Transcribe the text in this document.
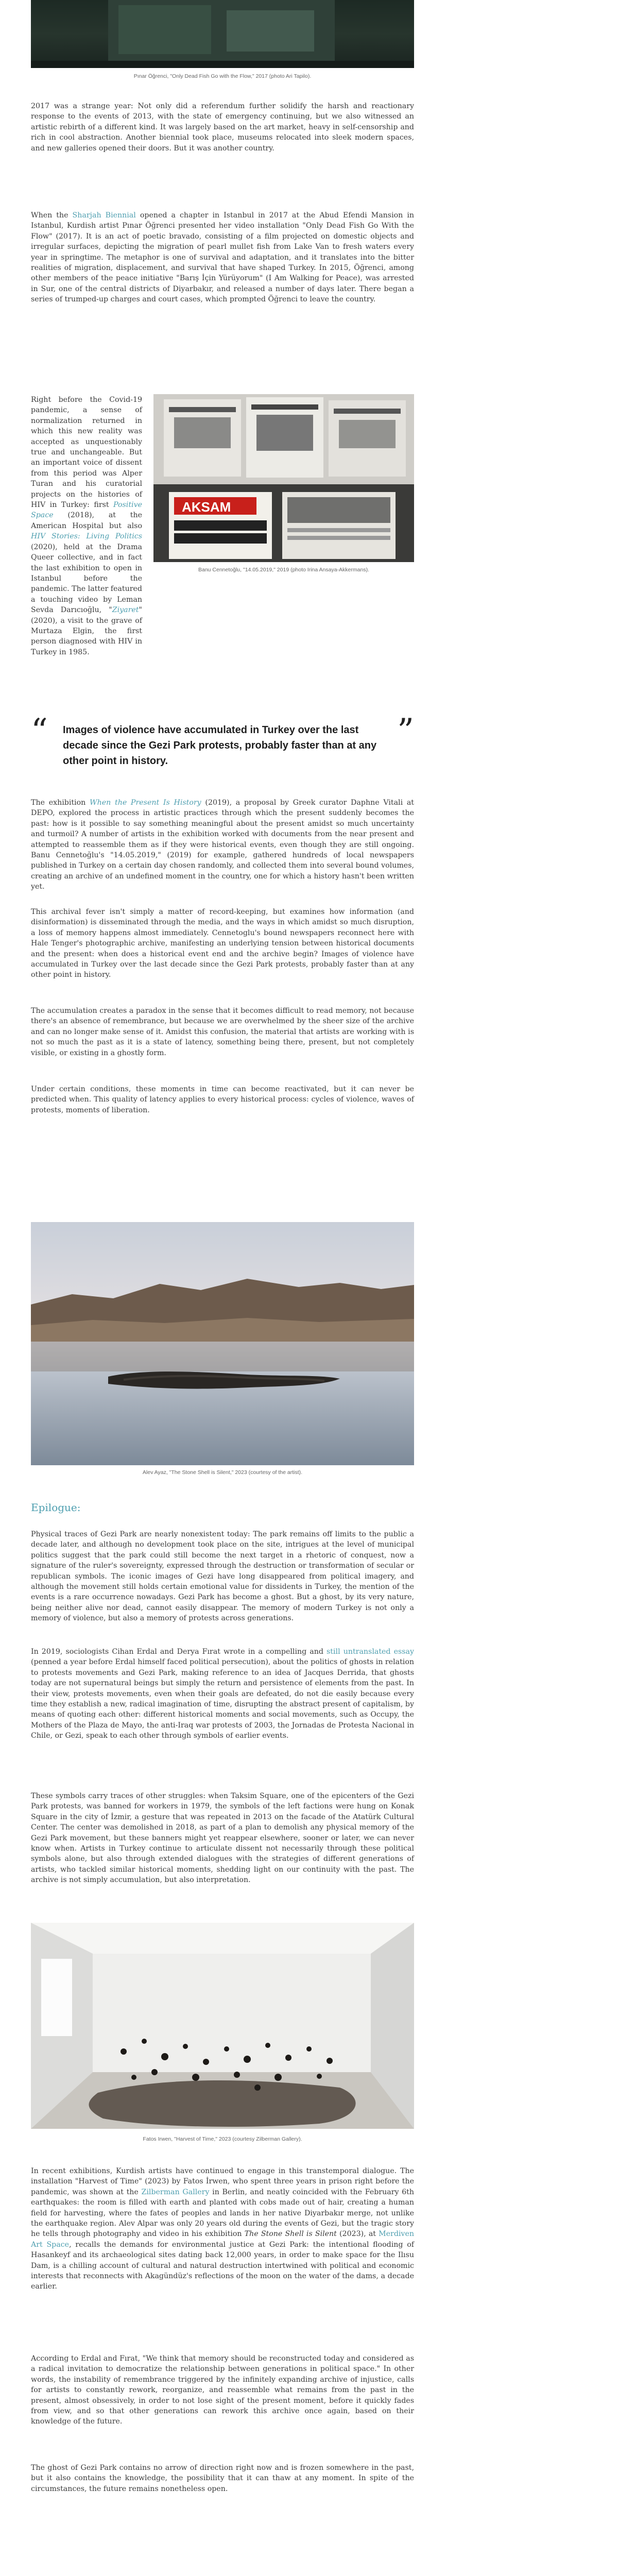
Pınar Öğrenci, "Only Dead Fish Go with the Flow," 2017 (photo Ari Tapilo).

2017 was a strange year: Not only did a referendum further solidify the harsh and reactionary response to the events of 2013, with the state of emergency continuing, but we also witnessed an artistic rebirth of a different kind. It was largely based on the art market, heavy in self-censorship and rich in cool abstraction. Another biennial took place, museums relocated into sleek modern spaces, and new galleries opened their doors. But it was another country.

When the Sharjah Biennial opened a chapter in Istanbul in 2017 at the Abud Efendi Mansion in Istanbul, Kurdish artist Pınar Öğrenci presented her video installation "Only Dead Fish Go With the Flow" (2017). It is an act of poetic bravado, consisting of a film projected on domestic objects and irregular surfaces, depicting the migration of pearl mullet fish from Lake Van to fresh waters every year in springtime. The metaphor is one of survival and adaptation, and it translates into the bitter realities of migration, displacement, and survival that have shaped Turkey. In 2015, Öğrenci, among other members of the peace initiative "Barış İçin Yürüyorum" (I Am Walking for Peace), was arrested in Sur, one of the central districts of Diyarbakır, and released a number of days later. There began a series of trumped-up charges and court cases, which prompted Öğrenci to leave the country.

AKSAM
Banu Cennetoğlu, "14.05.2019," 2019 (photo Irina Ansaya-Akkermans).

Right before the Covid-19 pandemic, a sense of normalization returned in which this new reality was accepted as unquestionably true and unchangeable. But an important voice of dissent from this period was Alper Turan and his curatorial projects on the histories of HIV in Turkey: first Positive Space (2018), at the American Hospital but also HIV Stories: Living Politics (2020), held at the Drama Queer collective, and in fact the last exhibition to open in Istanbul before the pandemic. The latter featured a touching video by Leman Sevda Darıcıoğlu, "Ziyaret" (2020), a visit to the grave of Murtaza Elgin, the first person diagnosed with HIV in Turkey in 1985.

“ Images of violence have accumulated in Turkey over the last decade since the Gezi Park protests, probably faster than at any other point in history.
”

The exhibition When the Present Is History (2019), a proposal by Greek curator Daphne Vitali at DEPO, explored the process in artistic practices through which the present suddenly becomes the past: how is it possible to say something meaningful about the present amidst so much uncertainty and turmoil? A number of artists in the exhibition worked with documents from the near present and attempted to reassemble them as if they were historical events, even though they are still ongoing. Banu Cennetoğlu's "14.05.2019," (2019) for example, gathered hundreds of local newspapers published in Turkey on a certain day chosen randomly, and collected them into several bound volumes, creating an archive of an undefined moment in the country, one for which a history hasn't been written yet.

This archival fever isn't simply a matter of record-keeping, but examines how information (and disinformation) is disseminated through the media, and the ways in which amidst so much disruption, a loss of memory happens almost immediately. Cennetoglu's bound newspapers reconnect here with Hale Tenger's photographic archive, manifesting an underlying tension between historical documents and the present: when does a historical event end and the archive begin? Images of violence have accumulated in Turkey over the last decade since the Gezi Park protests, probably faster than at any other point in history.

The accumulation creates a paradox in the sense that it becomes difficult to read memory, not because there's an absence of remembrance, but because we are overwhelmed by the sheer size of the archive and can no longer make sense of it. Amidst this confusion, the material that artists are working with is not so much the past as it is a state of latency, something being there, present, but not completely visible, or existing in a ghostly form.

Under certain conditions, these moments in time can become reactivated, but it can never be predicted when. This quality of latency applies to every historical process: cycles of violence, waves of protests, moments of liberation.

Alev Ayaz, "The Stone Shell is Silent," 2023 (courtesy of the artist).
Epilogue:

Physical traces of Gezi Park are nearly nonexistent today: The park remains off limits to the public a decade later, and although no development took place on the site, intrigues at the level of municipal politics suggest that the park could still become the next target in a rhetoric of conquest, now a signature of the ruler's sovereignty, expressed through the destruction or transformation of secular or republican symbols. The iconic images of Gezi have long disappeared from political imagery, and although the movement still holds certain emotional value for dissidents in Turkey, the mention of the events is a rare occurrence nowadays. Gezi Park has become a ghost. But a ghost, by its very nature, being neither alive nor dead, cannot easily disappear. The memory of modern Turkey is not only a memory of violence, but also a memory of protests across generations.

In 2019, sociologists Cihan Erdal and Derya Fırat wrote in a compelling and still untranslated essay (penned a year before Erdal himself faced political persecution), about the politics of ghosts in relation to protests movements and Gezi Park, making reference to an idea of Jacques Derrida, that ghosts today are not supernatural beings but simply the return and persistence of elements from the past. In their view, protests movements, even when their goals are defeated, do not die easily because every time they establish a new, radical imagination of time, disrupting the abstract present of capitalism, by means of quoting each other: different historical moments and social movements, such as Occupy, the Mothers of the Plaza de Mayo, the anti-Iraq war protests of 2003, the Jornadas de Protesta Nacional in Chile, or Gezi, speak to each other through symbols of earlier events.

These symbols carry traces of other struggles: when Taksim Square, one of the epicenters of the Gezi Park protests, was banned for workers in 1979, the symbols of the left factions were hung on Konak Square in the city of İzmir, a gesture that was repeated in 2013 on the facade of the Atatürk Cultural Center. The center was demolished in 2018, as part of a plan to demolish any physical memory of the Gezi Park movement, but these banners might yet reappear elsewhere, sooner or later, we can never know when. Artists in Turkey continue to articulate dissent not necessarily through these political symbols alone, but also through extended dialogues with the strategies of different generations of artists, who tackled similar historical moments, shedding light on our continuity with the past. The archive is not simply accumulation, but also interpretation.

Fatos Irwen, "Harvest of Time," 2023 (courtesy Zilberman Gallery).

In recent exhibitions, Kurdish artists have continued to engage in this transtemporal dialogue. The installation "Harvest of Time" (2023) by Fatos İrwen, who spent three years in prison right before the pandemic, was shown at the Zilberman Gallery in Berlin, and neatly coincided with the February 6th earthquakes: the room is filled with earth and planted with cobs made out of hair, creating a human field for harvesting, where the fates of peoples and lands in her native Diyarbakır merge, not unlike the earthquake region. Alev Alpar was only 20 years old during the events of Gezi, but the tragic story he tells through photography and video in his exhibition The Stone Shell is Silent (2023), at Merdiven Art Space, recalls the demands for environmental justice at Gezi Park: the intentional flooding of Hasankeyf and its archaeological sites dating back 12,000 years, in order to make space for the Ilısu Dam, is a chilling account of cultural and natural destruction intertwined with political and economic interests that reconnects with Akagündüz's reflections of the moon on the water of the dams, a decade earlier.

According to Erdal and Fırat, "We think that memory should be reconstructed today and considered as a radical invitation to democratize the relationship between generations in political space." In other words, the instability of remembrance triggered by the infinitely expanding archive of injustice, calls for artists to constantly rework, reorganize, and reassemble what remains from the past in the present, almost obsessively, in order to not lose sight of the present moment, before it quickly fades from view, and so that other generations can rework this archive once again, based on their knowledge of the future.

The ghost of Gezi Park contains no arrow of direction right now and is frozen somewhere in the past, but it also contains the knowledge, the possibility that it can thaw at any moment. In spite of the circumstances, the future remains nonetheless open.
